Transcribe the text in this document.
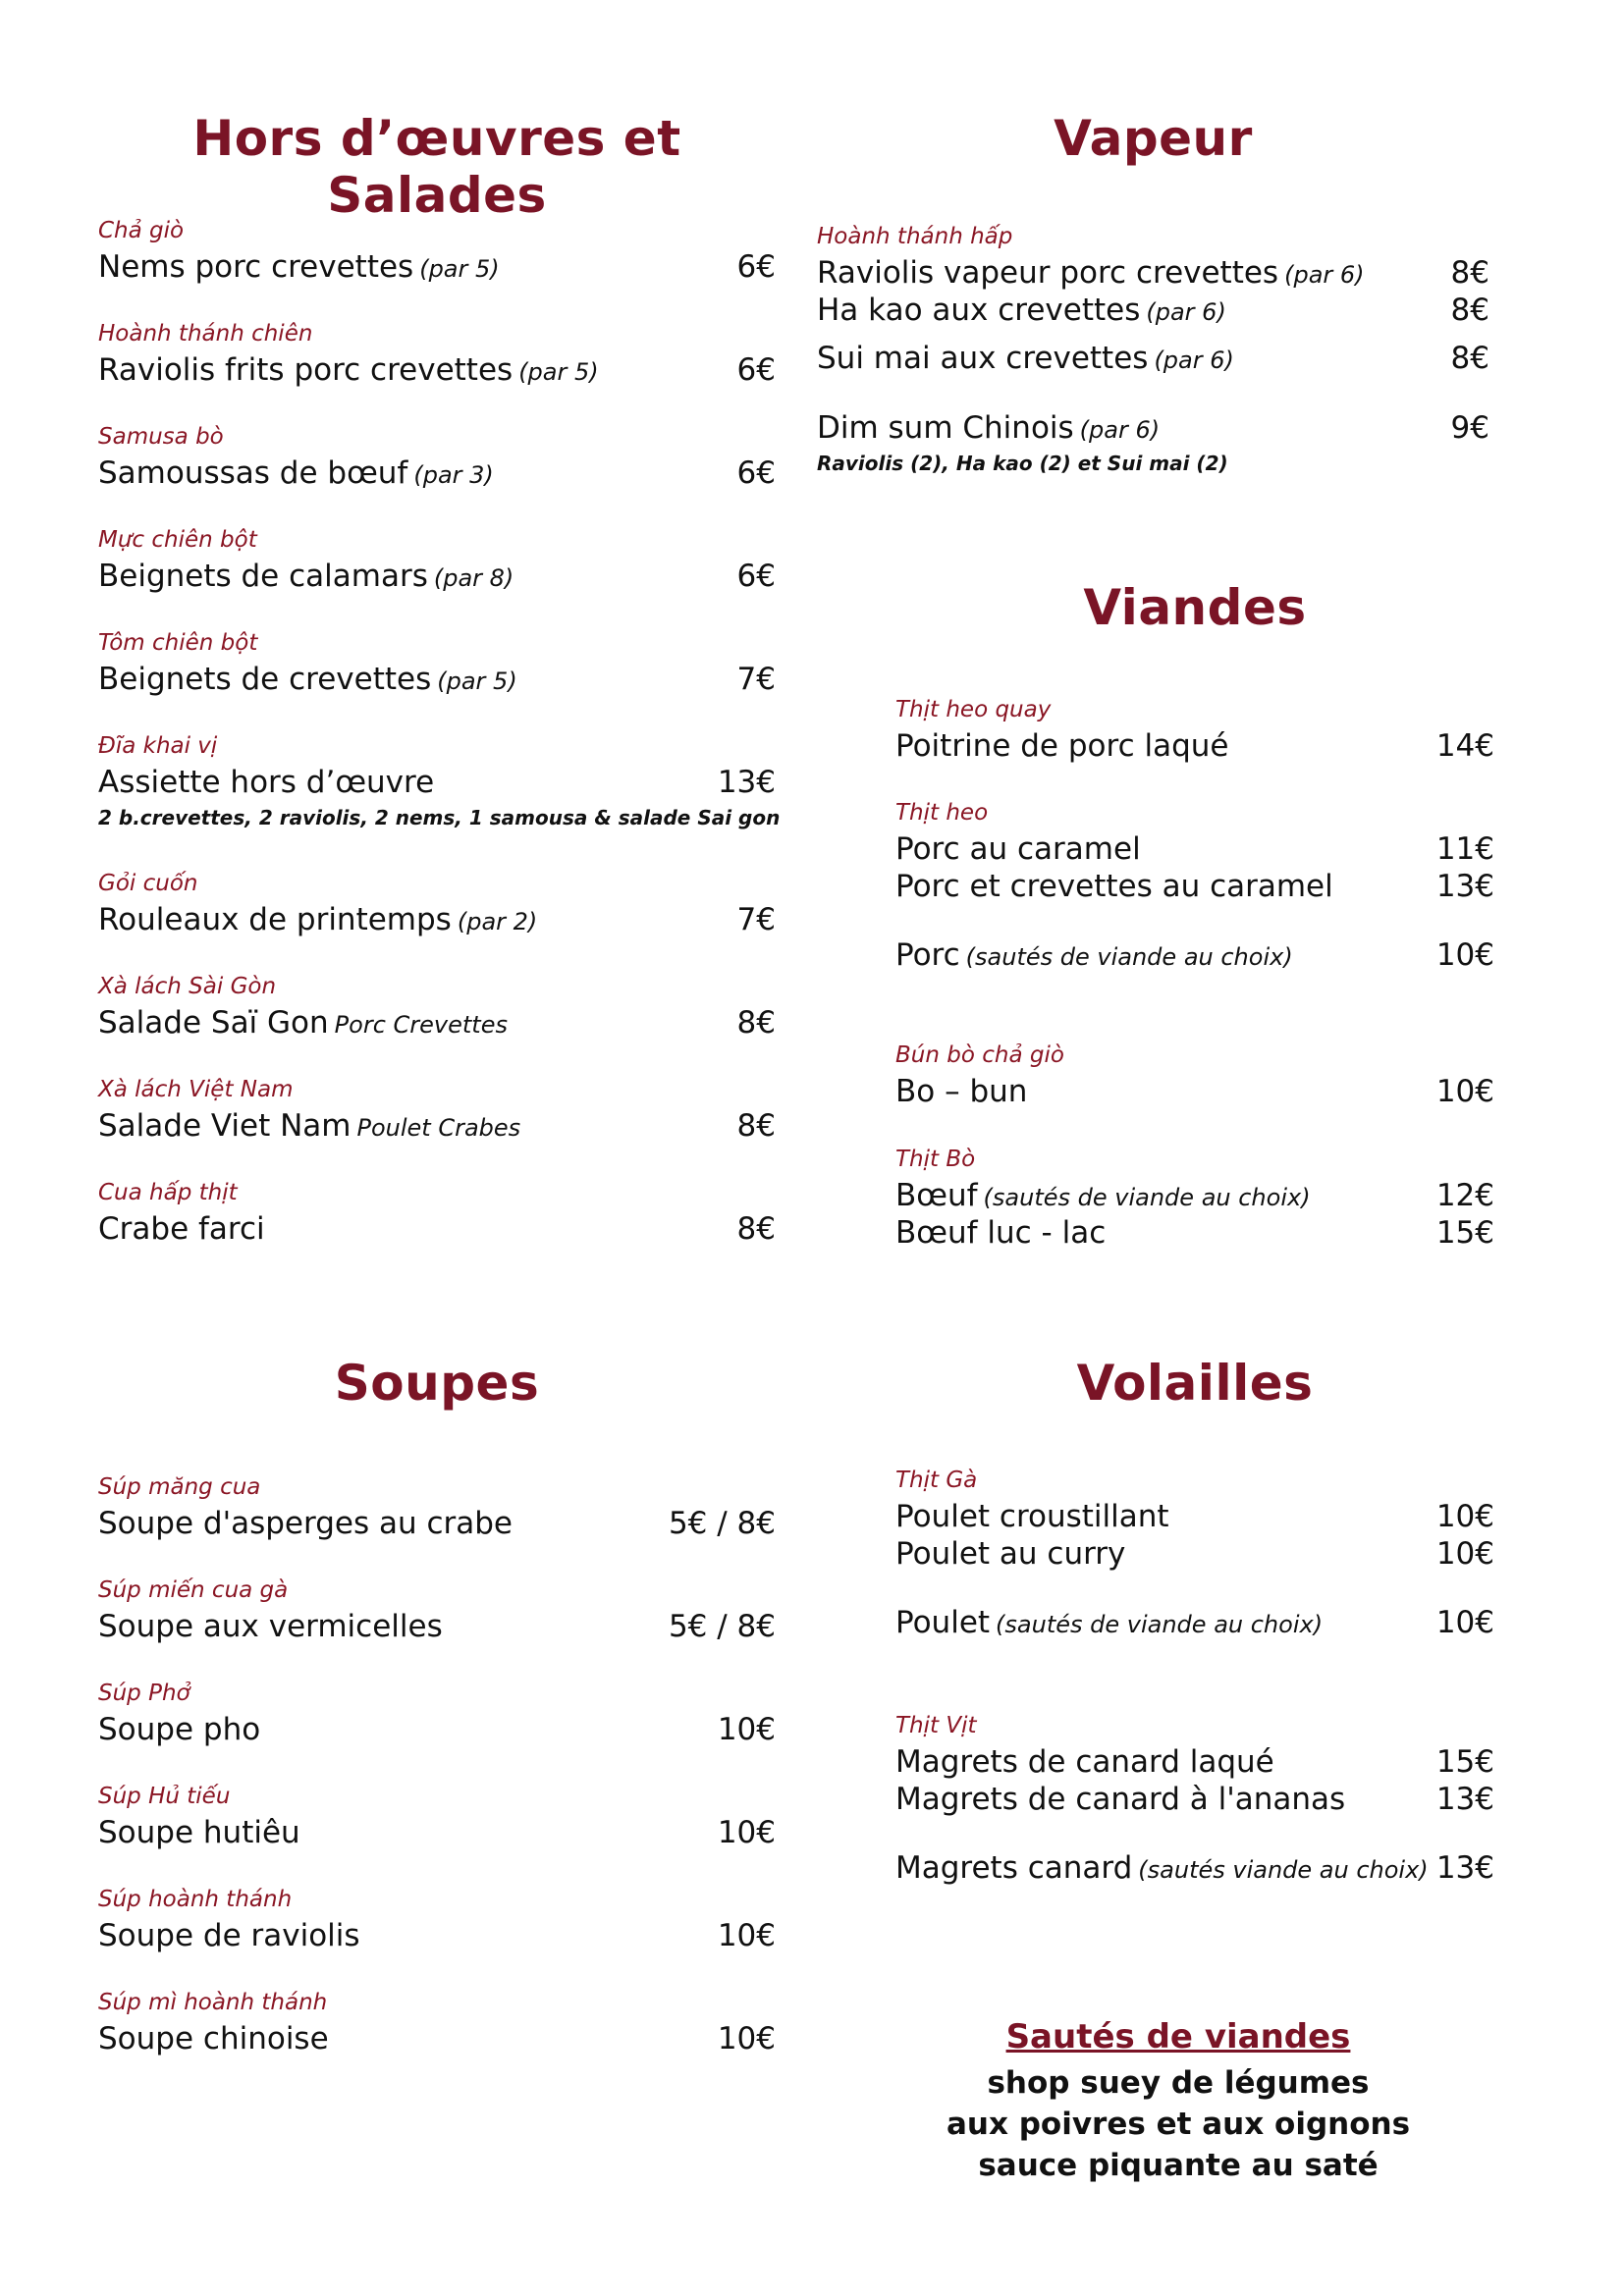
Hors d’œuvres et Salades
Chả giò
Nems porc crevettes (par 5)	6€
Hoành thánh chiên
Raviolis frits porc crevettes (par 5)	6€
Samusa bò
Samoussas de bœuf (par 3)	6€
Mực chiên bột
Beignets de calamars (par 8)	6€
Tôm chiên bột
Beignets de crevettes (par 5)	7€
Đĩa khai vị
Assiette hors d’œuvre	13€
2 b.crevettes, 2 raviolis, 2 nems, 1 samousa & salade Sai gon
Gỏi cuốn
Rouleaux de printemps (par 2)	7€
Xà lách Sài Gòn
Salade Saï Gon Porc Crevettes	8€
Xà lách Việt Nam
Salade Viet Nam Poulet Crabes	8€
Cua hấp thịt
Crabe farci	8€
Soupes
Súp măng cua
Soupe d'asperges au crabe	5€ / 8€
Súp miến cua gà
Soupe aux vermicelles	5€ / 8€
Súp Phở
Soupe pho	10€
Súp Hủ tiếu
Soupe hutiêu	10€
Súp hoành thánh
Soupe de raviolis	10€
Súp mì hoành thánh
Soupe chinoise	10€
Vapeur
Hoành thánh hấp
Raviolis vapeur porc crevettes (par 6)	8€
Ha kao aux crevettes (par 6)	8€
Sui mai aux crevettes (par 6)	8€
Dim sum Chinois (par 6)	9€
Raviolis (2), Ha kao (2) et Sui mai (2)
Viandes
Thịt heo quay
Poitrine de porc laqué	14€
Thịt heo
Porc au caramel	11€
Porc et crevettes au caramel	13€
Porc (sautés de viande au choix)	10€
Bún bò chả giò
Bo – bun	10€
Thịt Bò
Bœuf (sautés de viande au choix)	12€
Bœuf luc - lac	15€
Volailles
Thịt Gà
Poulet croustillant	10€
Poulet au curry	10€
Poulet (sautés de viande au choix)	10€
Thịt Vịt
Magrets de canard laqué	15€
Magrets de canard à l'ananas	13€
Magrets canard (sautés viande au choix) 13€
Sautés de viandes
shop suey de légumes
aux poivres et aux oignons
sauce piquante au saté
